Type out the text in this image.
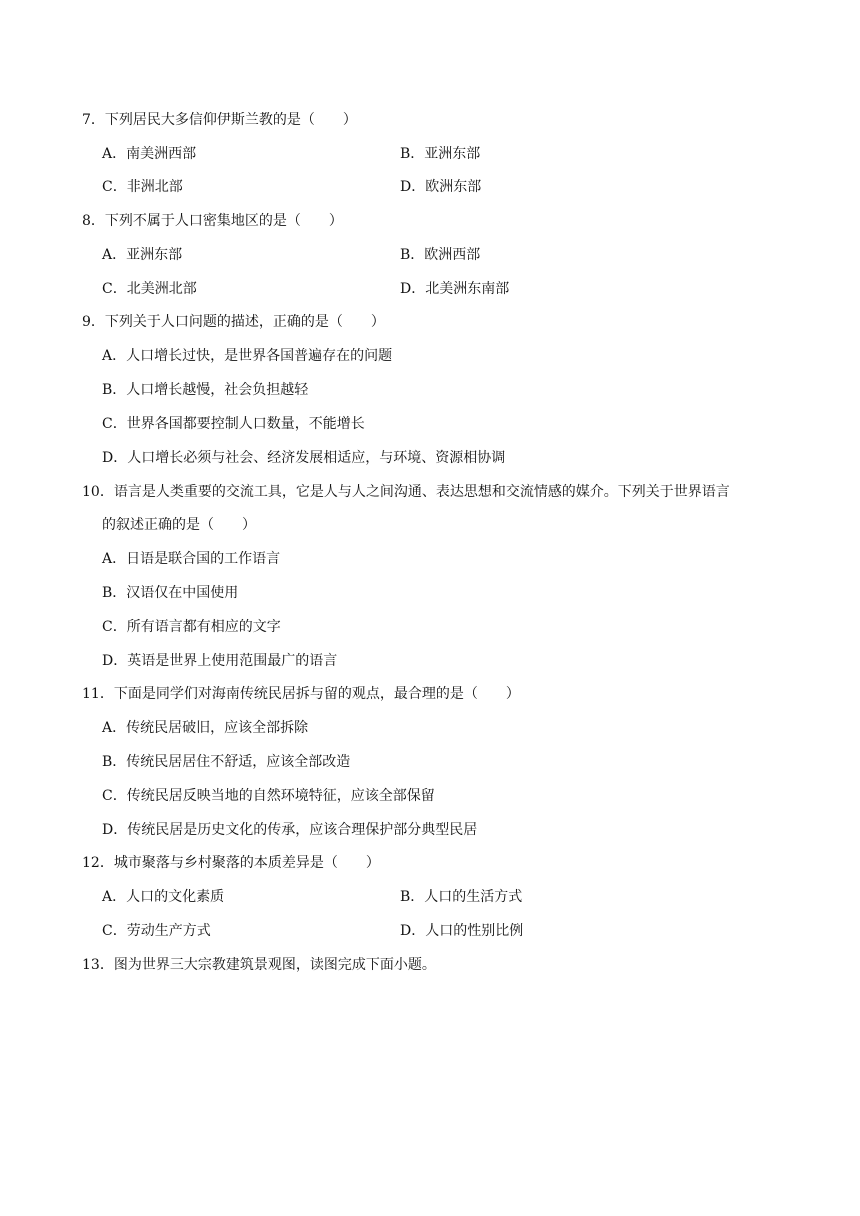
7．下列居民大多信仰伊斯兰教的是（　　）
A．南美洲西部	B．亚洲东部
C．非洲北部	D．欧洲东部
8．下列不属于人口密集地区的是（　　）
A．亚洲东部	B．欧洲西部
C．北美洲北部	D．北美洲东南部
9．下列关于人口问题的描述，正确的是（　　）
A．人口增长过快，是世界各国普遍存在的问题
B．人口增长越慢，社会负担越轻
C．世界各国都要控制人口数量，不能增长
D．人口增长必须与社会、经济发展相适应，与环境、资源相协调
10．语言是人类重要的交流工具，它是人与人之间沟通、表达思想和交流情感的媒介。下列关于世界语言
的叙述正确的是（　　）
A．日语是联合国的工作语言
B．汉语仅在中国使用
C．所有语言都有相应的文字
D．英语是世界上使用范围最广的语言
11．下面是同学们对海南传统民居拆与留的观点，最合理的是（　　）
A．传统民居破旧，应该全部拆除
B．传统民居居住不舒适，应该全部改造
C．传统民居反映当地的自然环境特征，应该全部保留
D．传统民居是历史文化的传承，应该合理保护部分典型民居
12．城市聚落与乡村聚落的本质差异是（　　）
A．人口的文化素质	B．人口的生活方式
C．劳动生产方式	D．人口的性别比例
13．图为世界三大宗教建筑景观图，读图完成下面小题。
